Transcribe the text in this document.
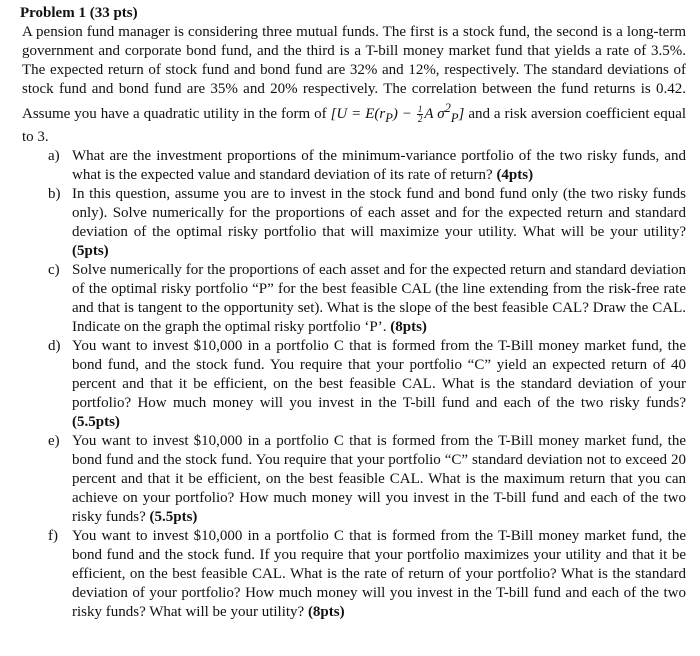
Problem 1 (33 pts)

A pension fund manager is considering three mutual funds. The first is a stock fund, the second is a long-term government and corporate bond fund, and the third is a T-bill money market fund that yields a rate of 3.5%. The expected return of stock fund and bond fund are 32% and 12%, respectively. The standard deviations of stock fund and bond fund are 35% and 20% respectively. The correlation between the fund returns is 0.42. Assume you have a quadratic utility in the form of [$U = E(r_P) - \frac{1}{2}$ A $\sigma^2_P$] and a risk aversion coefficient equal to 3.

a) What are the investment proportions of the minimum-variance portfolio of the two risky funds, and what is the expected value and standard deviation of its rate of return? (4pts)
b) In this question, assume you are to invest in the stock fund and bond fund only (the two risky funds only). Solve numerically for the proportions of each asset and for the expected return and standard deviation of the optimal risky portfolio that will maximize your utility. What will be your utility? (5pts)
c) Solve numerically for the proportions of each asset and for the expected return and standard deviation of the optimal risky portfolio “P” for the best feasible CAL (the line extending from the risk-free rate and that is tangent to the opportunity set). What is the slope of the best feasible CAL? Draw the CAL. Indicate on the graph the optimal risky portfolio ‘P’. (8pts)
d) You want to invest $10,000 in a portfolio C that is formed from the T-Bill money market fund, the bond fund, and the stock fund. You require that your portfolio “C” yield an expected return of 40 percent and that it be efficient, on the best feasible CAL. What is the standard deviation of your portfolio? How much money will you invest in the T-bill fund and each of the two risky funds? (5.5pts)
e) You want to invest $10,000 in a portfolio C that is formed from the T-Bill money market fund, the bond fund and the stock fund. You require that your portfolio “C” standard deviation not to exceed 20 percent and that it be efficient, on the best feasible CAL. What is the maximum return that you can achieve on your portfolio? How much money will you invest in the T-bill fund and each of the two risky funds? (5.5pts)
f) You want to invest $10,000 in a portfolio C that is formed from the T-Bill money market fund, the bond fund and the stock fund. If you require that your portfolio maximizes your utility and that it be efficient, on the best feasible CAL. What is the rate of return of your portfolio? What is the standard deviation of your portfolio? How much money will you invest in the T-bill fund and each of the two risky funds? What will be your utility? (8pts)
